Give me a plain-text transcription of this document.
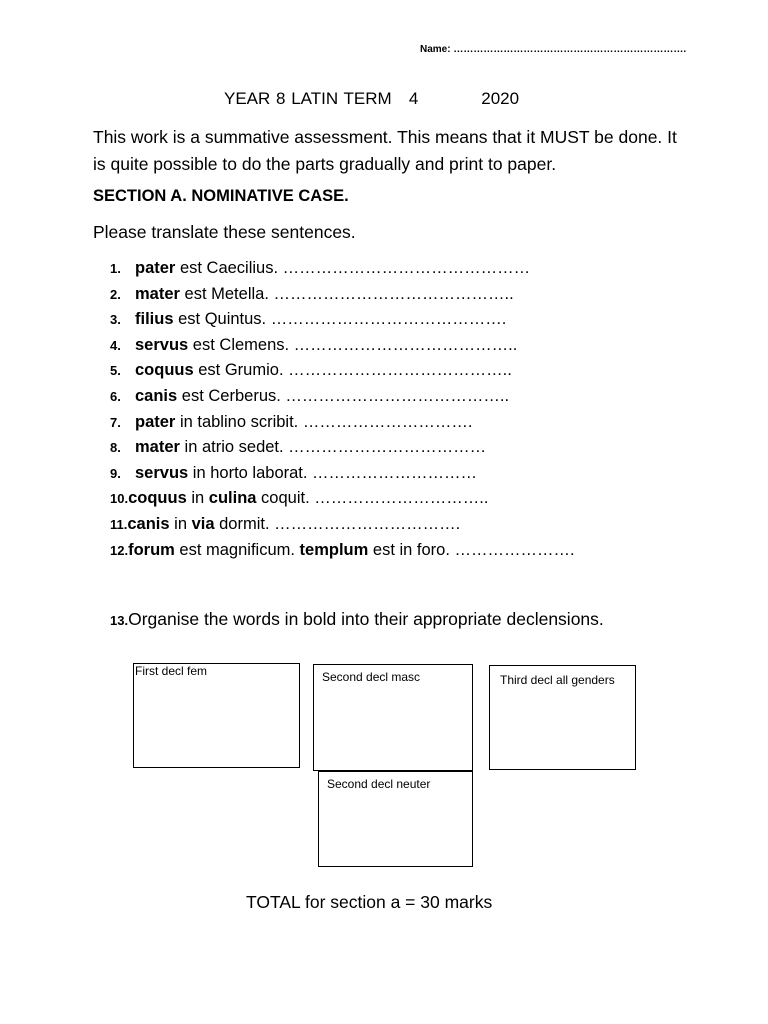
Name: …………………………………………………………….
YEAR 8 LATIN TERM   4           2020
This work is a summative assessment. This means that it MUST be done. It is quite possible to do the parts gradually and print to paper.
SECTION A. NOMINATIVE CASE.
Please translate these sentences.
1. pater est Caecilius. ………………………………………
2. mater est Metella. ……………………………………..
3. filius est Quintus. …………………………………….
4. servus est Clemens. …………………………………..
5. coquus est Grumio. …………………………………..
6. canis est Cerberus. …………………………………..
7. pater in tablino scribit. ………………………….
8. mater in atrio sedet. ………………………………
9. servus in horto laborat. …………………………
10.coquus in culina coquit. …………………………..
11.canis in via dormit. …………………………….
12.forum est magnificum. templum est in foro. ………………….
13.Organise the words in bold into their appropriate declensions.
First decl fem	Second decl masc	Third decl all genders
Second decl neuter
TOTAL for section a = 30 marks
